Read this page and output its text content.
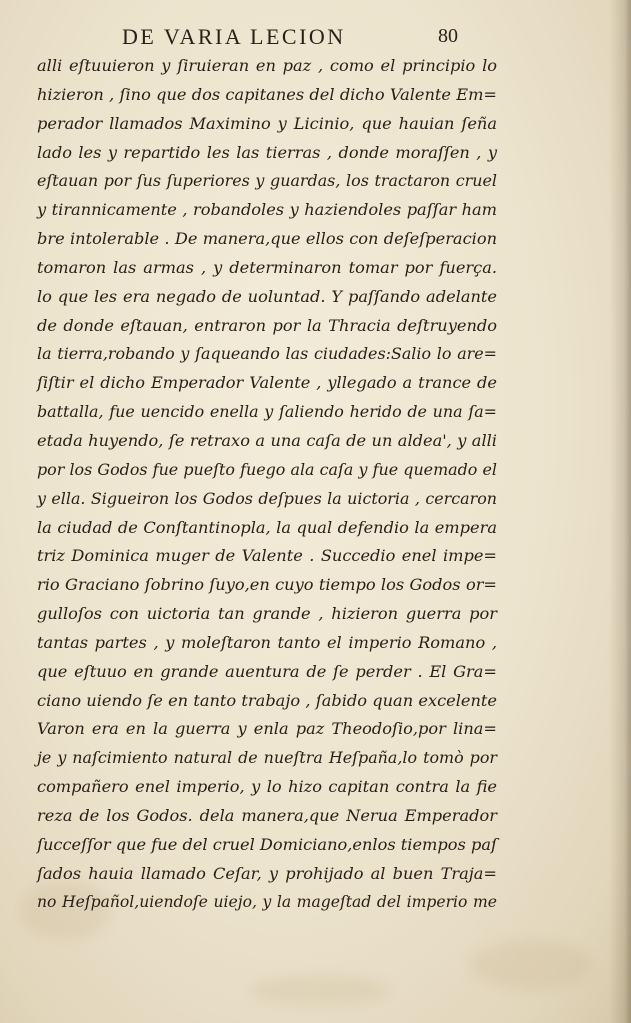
DE VARIA LECION	80
alli eſtuuieron y ſiruieran en paz , como el principio lo
hizieron , ſino que dos capitanes del dicho Valente Em=
perador llamados Maximino y Licinio, que hauian ſeña
lado les y repartido les las tierras , donde moraſſen , y
eſtauan por ſus ſuperiores y guardas, los tractaron cruel
y tirannicamente , robandoles y haziendoles paſſar ham
bre intolerable . De manera,que ellos con deſeſperacion
tomaron las armas , y determinaron tomar por fuerça.
lo que les era negado de uoluntad. Y paſſando adelante
de donde eſtauan, entraron por la Thracia deſtruyendo
la tierra,robando y ſaqueando las ciudades:Salio lo are=
ſiſtir el dicho Emperador Valente , yllegado a trance de
battalla, fue uencido enella y ſaliendo herido de una ſa=
etada huyendo, ſe retraxo a una caſa de un aldea', y alli
por los Godos fue pueſto fuego ala caſa y fue quemado el
y ella. Sigueiron los Godos deſpues la uictoria , cercaron
la ciudad de Conſtantinopla, la qual defendio la empera
triz Dominica muger de Valente . Succedio enel impe=
rio Graciano ſobrino ſuyo,en cuyo tiempo los Godos or=
gulloſos con uictoria tan grande , hizieron guerra por
tantas partes , y moleſtaron tanto el imperio Romano ,
que eſtuuo en grande auentura de ſe perder . El Gra=
ciano uiendo ſe en tanto trabajo , ſabido quan excelente
Varon era en la guerra y enla paz Theodoſio,por lina=
je y naſcimiento natural de nueſtra Heſpaña,lo tomò por
compañero enel imperio, y lo hizo capitan contra la fie
reza de los Godos. dela manera,que Nerua Emperador
ſucceſſor que fue del cruel Domiciano,enlos tiempos paſ
ſados hauia llamado Ceſar, y prohijado al buen Traja=
no Heſpañol,uiendoſe uiejo, y la mageſtad del imperio me
